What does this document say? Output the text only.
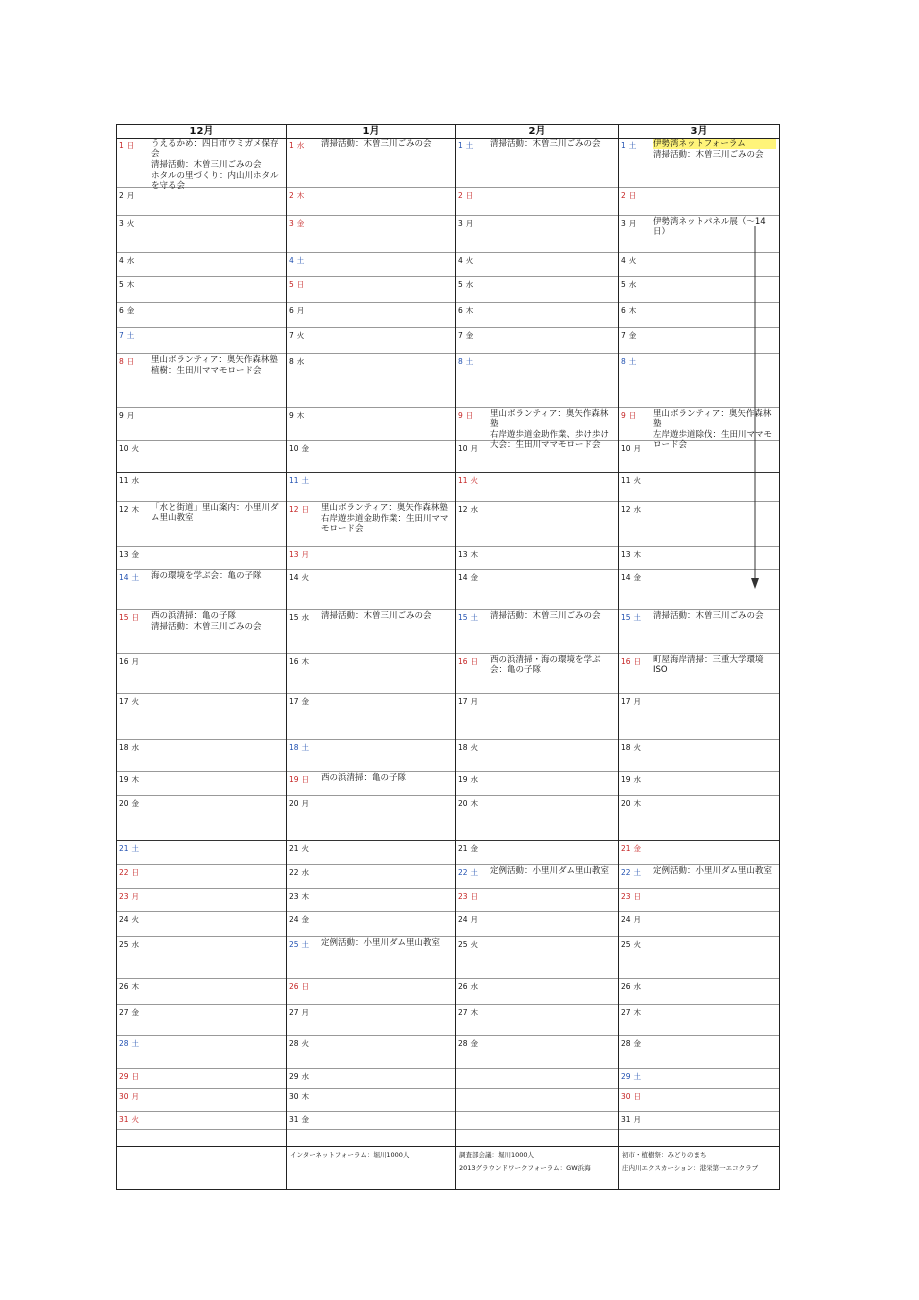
12月
1 日 うえるかめ：四日市ウミガメ保存会
清掃活動：木曽三川ごみの会
ホタルの里づくり：内山川ホタルを守る会
2 月
3 火
4 水
5 木
6 金
7 土
8 日 里山ボランティア：奥矢作森林塾
植樹：生田川ママモロード会
9 月
10 火
11 水
12 木 「水と街道」里山案内：小里川ダム里山教室
13 金
14 土 海の環境を学ぶ会：亀の子隊
15 日 西の浜清掃：亀の子隊
清掃活動：木曽三川ごみの会
16 月
17 火
18 水
19 木
20 金
21 土
22 日
23 月
24 火
25 水
26 木
27 金
28 土
29 日
30 月
31 火
1月
1 水 清掃活動：木曽三川ごみの会
2 木
3 金
4 土
5 日
6 月
7 火
8 水
9 木
10 金
11 土
12 日 里山ボランティア：奥矢作森林塾
右岸遊歩道金助作業：生田川ママモロード会
13 月
14 火
15 水 清掃活動：木曽三川ごみの会
16 木
17 金
18 土
19 日 西の浜清掃：亀の子隊
20 月
21 火
22 水
23 木
24 金
25 土 定例活動：小里川ダム里山教室
26 日
27 月
28 火
29 水
30 木
31 金
インターネットフォーラム：堀川1000人
2月
1 土 清掃活動：木曽三川ごみの会
2 日
3 月
4 火
5 水
6 木
7 金
8 土
9 日 里山ボランティア：奥矢作森林塾
右岸遊歩道金助作業、歩け歩け大会：生田川ママモロード会
10 月
11 火
12 水
13 木
14 金
15 土 清掃活動：木曽三川ごみの会
16 日 西の浜清掃・海の環境を学ぶ会：亀の子隊
17 月
18 火
19 水
20 木
21 金
22 土 定例活動：小里川ダム里山教室
23 日
24 月
25 火
26 水
27 木
28 金
調査部会議：堀川1000人
2013グラウンドワークフォーラム：GW浜海
3月
1 土 伊勢湾ネットフォーラム
清掃活動：木曽三川ごみの会
2 日
3 月 伊勢湾ネットパネル展（～14日）
4 火
5 水
6 木
7 金
8 土
9 日 里山ボランティア：奥矢作森林塾
左岸遊歩道除伐：生田川ママモロード会
10 月
11 火
12 水
13 木
14 金
15 土 清掃活動：木曽三川ごみの会
16 日 町屋海岸清掃：三重大学環境ISO
17 月
18 火
19 水
20 木
21 金
22 土 定例活動：小里川ダム里山教室
23 日
24 月
25 火
26 水
27 木
28 金
29 土
30 日
31 月
初市・植樹祭：みどりのまち
庄内川エクスカーション：港栄第一エコクラブ
